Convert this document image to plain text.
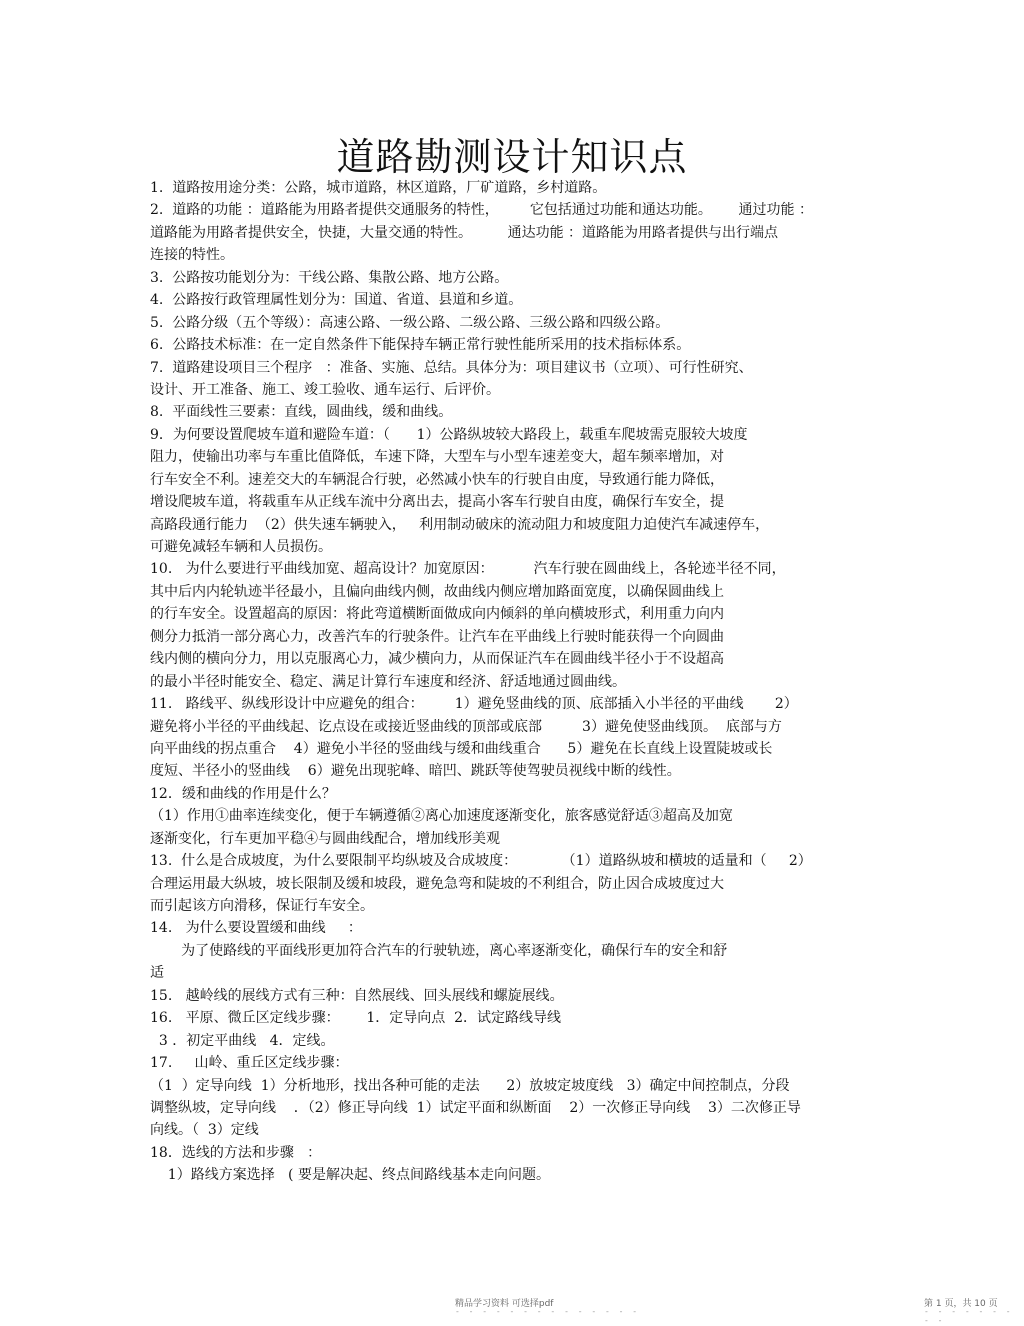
道路勘测设计知识点
1.  道路按用途分类：公路，城市道路，林区道路，厂矿道路，乡村道路。
2.  道路的功能 ：道路能为用路者提供交通服务的特性，       它包括通过功能和通达功能。      通过功能 ：
道路能为用路者提供安全，快捷，大量交通的特性。        通达功能 ：道路能为用路者提供与出行端点
连接的特性。
3.  公路按功能划分为：干线公路、集散公路、地方公路。
4.  公路按行政管理属性划分为：国道、省道、县道和乡道。
5.  公路分级（五个等级）：高速公路、一级公路、二级公路、三级公路和四级公路。
6.  公路技术标准：在一定自然条件下能保持车辆正常行驶性能所采用的技术指标体系。
7.  道路建设项目三个程序   ：准备、实施、总结。具体分为：项目建议书（立项）、可行性研究、
设计、开工准备、施工、竣工验收、通车运行、后评价。
8.  平面线性三要素：直线，圆曲线，缓和曲线。
9．为何要设置爬坡车道和避险车道：（      1）公路纵坡较大路段上，载重车爬坡需克服较大坡度
阻力，使输出功率与车重比值降低，车速下降，大型车与小型车速差变大，超车频率增加，对
行车安全不利。速差交大的车辆混合行驶，必然减小快车的行驶自由度，导致通行能力降低，
增设爬坡车道，将载重车从正线车流中分离出去，提高小客车行驶自由度，确保行车安全，提
高路段通行能力  （2）供失速车辆驶入，   利用制动破床的流动阻力和坡度阻力迫使汽车减速停车，
可避免减轻车辆和人员损伤。
10.   为什么要进行平曲线加宽、超高设计？加宽原因：         汽车行驶在圆曲线上，各轮迹半径不同，
其中后内内轮轨迹半径最小，且偏向曲线内侧，故曲线内侧应增加路面宽度，以确保圆曲线上
的行车安全。设置超高的原因：将此弯道横断面做成向内倾斜的单向横坡形式，利用重力向内
侧分力抵消一部分离心力，改善汽车的行驶条件。让汽车在平曲线上行驶时能获得一个向圆曲
线内侧的横向分力，用以克服离心力，减少横向力，从而保证汽车在圆曲线半径小于不设超高
的最小半径时能安全、稳定、满足计算行车速度和经济、舒适地通过圆曲线。
11.   路线平、纵线形设计中应避免的组合：       1）避免竖曲线的顶、底部插入小半径的平曲线       2）
避免将小半径的平曲线起、讫点设在或接近竖曲线的顶部或底部         3）避免使竖曲线顶。  底部与方
向平曲线的拐点重合    4）避免小半径的竖曲线与缓和曲线重合      5）避免在长直线上设置陡坡或长
度短、半径小的竖曲线    6）避免出现驼峰、暗凹、跳跃等使驾驶员视线中断的线性。
12．缓和曲线的作用是什么？
（1）作用①曲率连续变化，便于车辆遵循②离心加速度逐渐变化，旅客感觉舒适③超高及加宽
逐渐变化，行车更加平稳④与圆曲线配合，增加线形美观
13.  什么是合成坡度，为什么要限制平均纵坡及合成坡度：          （1）道路纵坡和横坡的适量和（     2）
合理运用最大纵坡，坡长限制及缓和坡段，避免急弯和陡坡的不利组合，防止因合成坡度过大
而引起该方向滑移，保证行车安全。
14.   为什么要设置缓和曲线     ：
为了使路线的平面线形更加符合汽车的行驶轨迹，离心率逐渐变化，确保行车的安全和舒
适
15.   越岭线的展线方式有三种：自然展线、回头展线和螺旋展线。
16.   平原、微丘区定线步骤：      1．定导向点  2．试定路线导线
3 ．初定平曲线   4．定线。
17.     山岭、重丘区定线步骤：
（1  ）定导向线  1）分析地形，找出各种可能的走法      2）放坡定坡度线   3）确定中间控制点，分段
调整纵坡，定导向线    ．（2）修正导向线  1）试定平面和纵断面    2）一次修正导向线    3）二次修正导
向线。（  3）定线
18．选线的方法和步骤   ：
1）路线方案选择   ( 要是解决起、终点间路线基本走向问题。
精品学习资料 可选择pdf
- - - - - - - - - - - - - -
第 1 页，共 10 页
- - - - - - - - -
